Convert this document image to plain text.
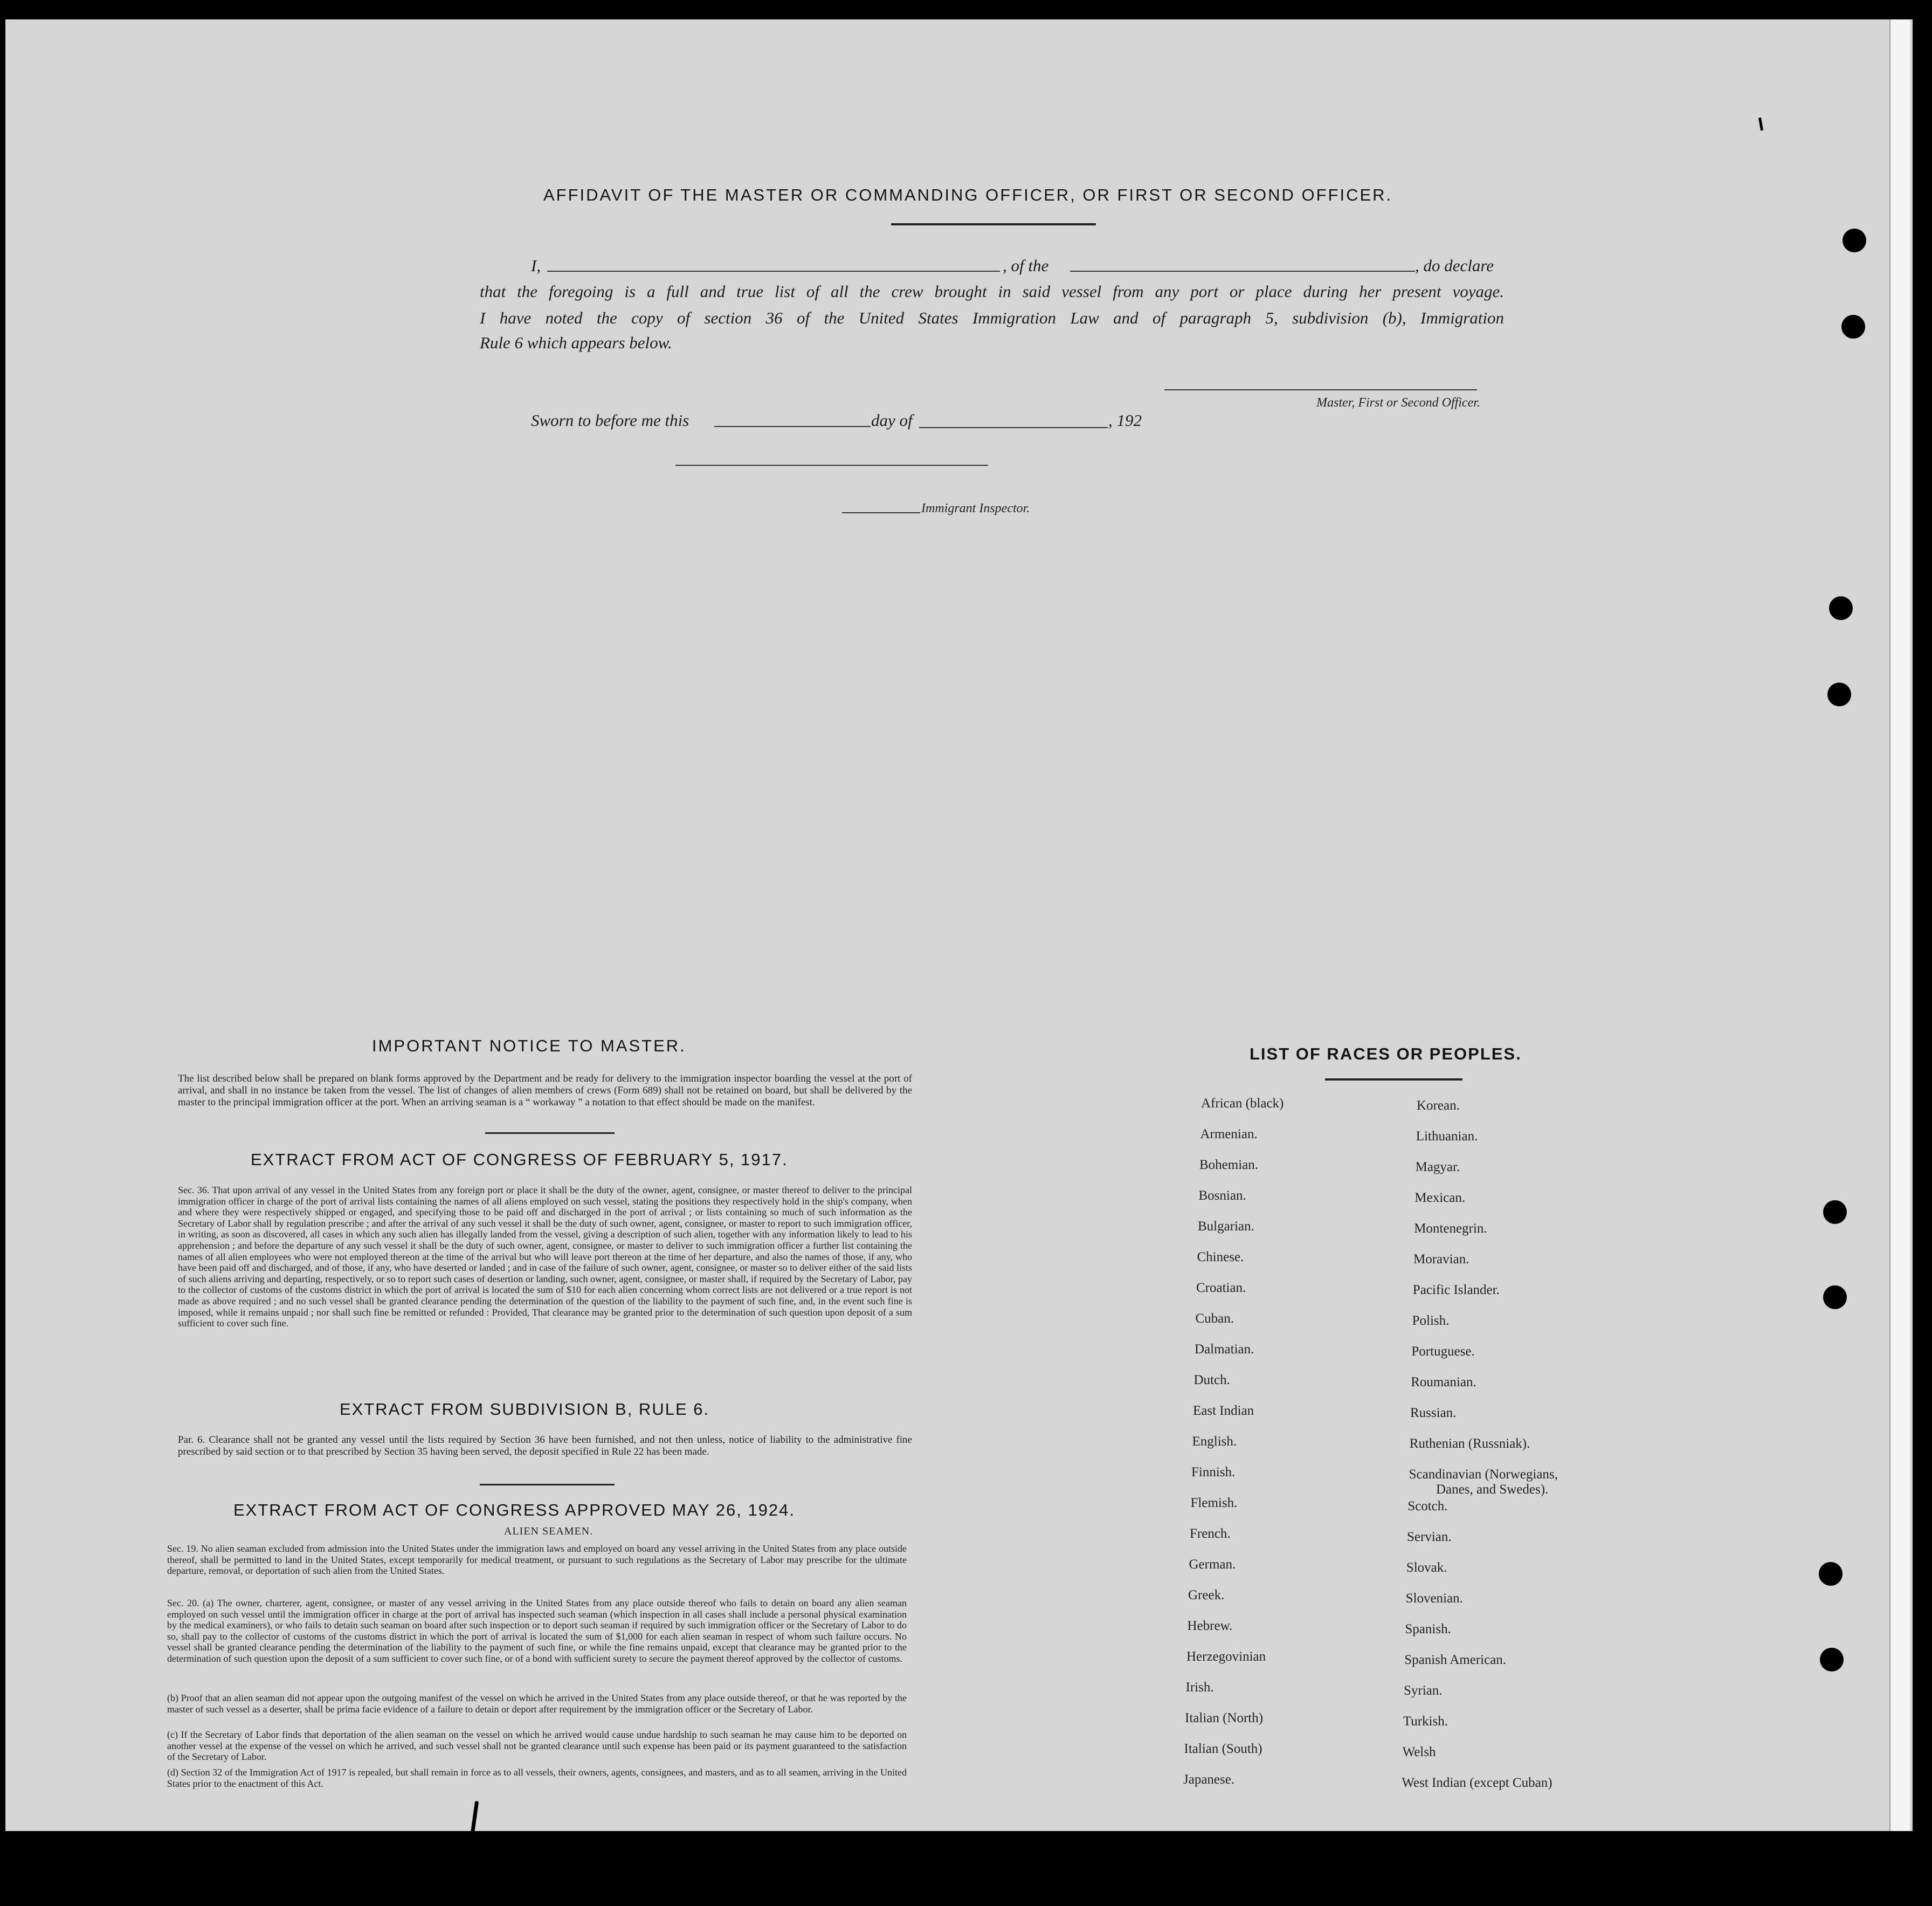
AFFIDAVIT OF THE MASTER OR COMMANDING OFFICER, OR FIRST OR SECOND OFFICER.
I,	, of the	, do declare
that the foregoing is a full and true list of all the crew brought in said vessel from any port or place during her present voyage.
I have noted the copy of section 36 of the United States Immigration Law and of paragraph 5, subdivision (b), Immigration
Rule 6 which appears below.
Master, First or Second Officer.
Sworn to before me this	day of	, 192
Immigrant Inspector.
IMPORTANT NOTICE TO MASTER.
The list described below shall be prepared on blank forms approved by the Department and be ready for delivery to the immigration inspector boarding the vessel at the port of arrival, and shall in no instance be taken from the vessel. The list of changes of alien members of crews (Form 689) shall not be retained on board, but shall be delivered by the master to the principal immigration officer at the port. When an arriving seaman is a “ workaway ” a notation to that effect should be made on the manifest.
EXTRACT FROM ACT OF CONGRESS OF FEBRUARY 5, 1917.
Sec. 36. That upon arrival of any vessel in the United States from any foreign port or place it shall be the duty of the owner, agent, consignee, or master thereof to deliver to the principal immigration officer in charge of the port of arrival lists containing the names of all aliens employed on such vessel, stating the positions they respectively hold in the ship's company, when and where they were respectively shipped or engaged, and specifying those to be paid off and discharged in the port of arrival ; or lists containing so much of such information as the Secretary of Labor shall by regulation prescribe ; and after the arrival of any such vessel it shall be the duty of such owner, agent, consignee, or master to report to such immigration officer, in writing, as soon as discovered, all cases in which any such alien has illegally landed from the vessel, giving a description of such alien, together with any information likely to lead to his apprehension ; and before the departure of any such vessel it shall be the duty of such owner, agent, consignee, or master to deliver to such immigration officer a further list containing the names of all alien employees who were not employed thereon at the time of the arrival but who will leave port thereon at the time of her departure, and also the names of those, if any, who have been paid off and discharged, and of those, if any, who have deserted or landed ; and in case of the failure of such owner, agent, consignee, or master so to deliver either of the said lists of such aliens arriving and departing, respectively, or so to report such cases of desertion or landing, such owner, agent, consignee, or master shall, if required by the Secretary of Labor, pay to the collector of customs of the customs district in which the port of arrival is located the sum of $10 for each alien concerning whom correct lists are not delivered or a true report is not made as above required ; and no such vessel shall be granted clearance pending the determination of the question of the liability to the payment of such fine, and, in the event such fine is imposed, while it remains unpaid ; nor shall such fine be remitted or refunded : Provided, That clearance may be granted prior to the determination of such question upon deposit of a sum sufficient to cover such fine.
EXTRACT FROM SUBDIVISION B, RULE 6.
Par. 6. Clearance shall not be granted any vessel until the lists required by Section 36 have been furnished, and not then unless, notice of liability to the administrative fine prescribed by said section or to that prescribed by Section 35 having been served, the deposit specified in Rule 22 has been made.
EXTRACT FROM ACT OF CONGRESS APPROVED MAY 26, 1924.
ALIEN SEAMEN.
Sec. 19. No alien seaman excluded from admission into the United States under the immigration laws and employed on board any vessel arriving in the United States from any place outside thereof, shall be permitted to land in the United States, except temporarily for medical treatment, or pursuant to such regulations as the Secretary of Labor may prescribe for the ultimate departure, removal, or deportation of such alien from the United States.
Sec. 20. (a) The owner, charterer, agent, consignee, or master of any vessel arriving in the United States from any place outside thereof who fails to detain on board any alien seaman employed on such vessel until the immigration officer in charge at the port of arrival has inspected such seaman (which inspection in all cases shall include a personal physical examination by the medical examiners), or who fails to detain such seaman on board after such inspection or to deport such seaman if required by such immigration officer or the Secretary of Labor to do so, shall pay to the collector of customs of the customs district in which the port of arrival is located the sum of $1,000 for each alien seaman in respect of whom such failure occurs. No vessel shall be granted clearance pending the determination of the liability to the payment of such fine, or while the fine remains unpaid, except that clearance may be granted prior to the determination of such question upon the deposit of a sum sufficient to cover such fine, or of a bond with sufficient surety to secure the payment thereof approved by the collector of customs.
(b) Proof that an alien seaman did not appear upon the outgoing manifest of the vessel on which he arrived in the United States from any place outside thereof, or that he was reported by the master of such vessel as a deserter, shall be prima facie evidence of a failure to detain or deport after requirement by the immigration officer or the Secretary of Labor.
(c) If the Secretary of Labor finds that deportation of the alien seaman on the vessel on which he arrived would cause undue hardship to such seaman he may cause him to be deported on another vessel at the expense of the vessel on which he arrived, and such vessel shall not be granted clearance until such expense has been paid or its payment guaranteed to the satisfaction of the Secretary of Labor.
(d) Section 32 of the Immigration Act of 1917 is repealed, but shall remain in force as to all vessels, their owners, agents, consignees, and masters, and as to all seamen, arriving in the United States prior to the enactment of this Act.
LIST OF RACES OR PEOPLES.
African (black)
Armenian.
Bohemian.
Bosnian.
Bulgarian.
Chinese.
Croatian.
Cuban.
Dalmatian.
Dutch.
East Indian
English.
Finnish.
Flemish.
French.
German.
Greek.
Hebrew.
Herzegovinian
Irish.
Italian (North)
Italian (South)
Japanese.
Korean.
Lithuanian.
Magyar.
Mexican.
Montenegrin.
Moravian.
Pacific Islander.
Polish.
Portuguese.
Roumanian.
Russian.
Ruthenian (Russniak).
Scandinavian (Norwegians,
Danes, and Swedes).
Scotch.
Servian.
Slovak.
Slovenian.
Spanish.
Spanish American.
Syrian.
Turkish.
Welsh
West Indian (except Cuban)
